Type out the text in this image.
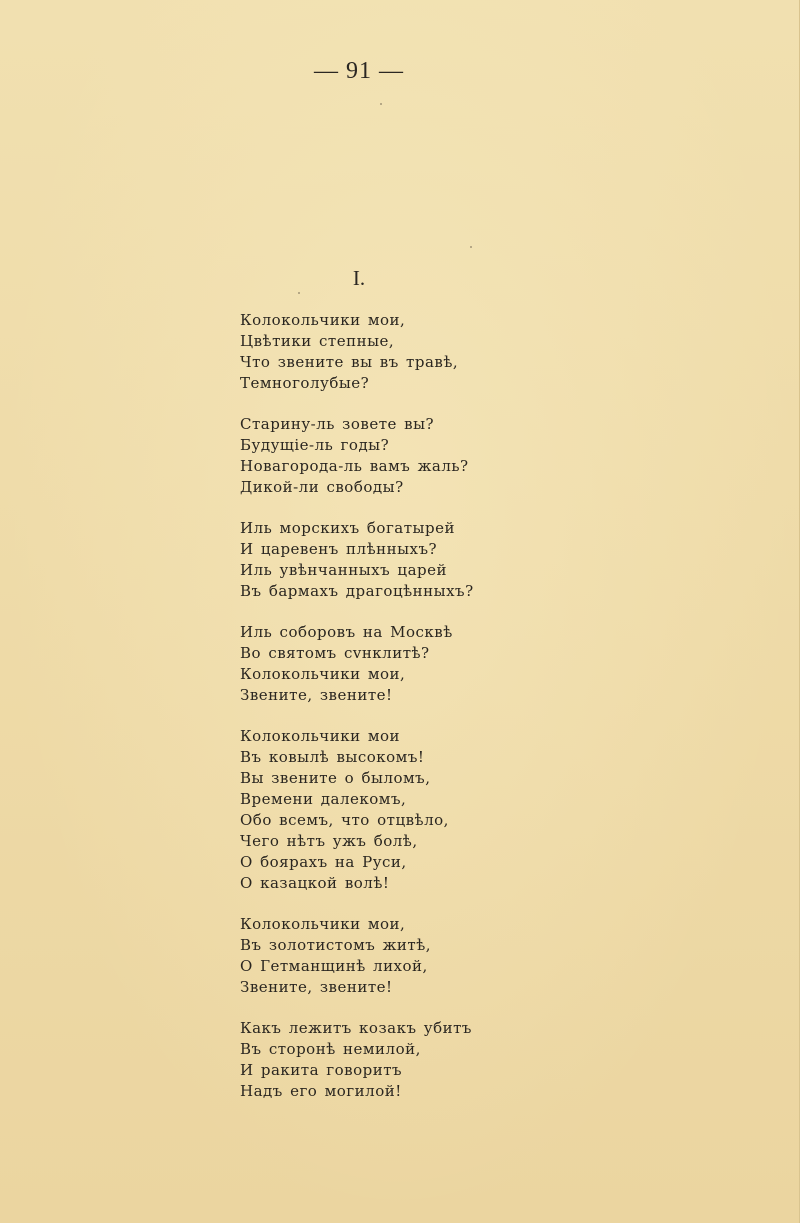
— 91 —
I.
Колокольчики мои,
Цвѣтики степные,
Что звените вы въ травѣ,
Темноголубые?
Старину-ль зовете вы?
Будущіе-ль годы?
Новагорода-ль вамъ жаль?
Дикой-ли свободы?
Иль морскихъ богатырей
И царевенъ плѣнныхъ?
Иль увѣнчанныхъ царей
Въ бармахъ драгоцѣнныхъ?
Иль соборовъ на Москвѣ
Во святомъ сvнклитѣ?
Колокольчики мои,
Звените, звените!
Колокольчики мои
Въ ковылѣ высокомъ!
Вы звените о быломъ,
Времени далекомъ,
Обо всемъ, что отцвѣло,
Чего нѣтъ ужъ болѣ,
О боярахъ на Руси,
О казацкой волѣ!
Колокольчики мои,
Въ золотистомъ житѣ,
О Гетманщинѣ лихой,
Звените, звените!
Какъ лежитъ козакъ убитъ
Въ сторонѣ немилой,
И ракита говоритъ
Надъ его могилой!
